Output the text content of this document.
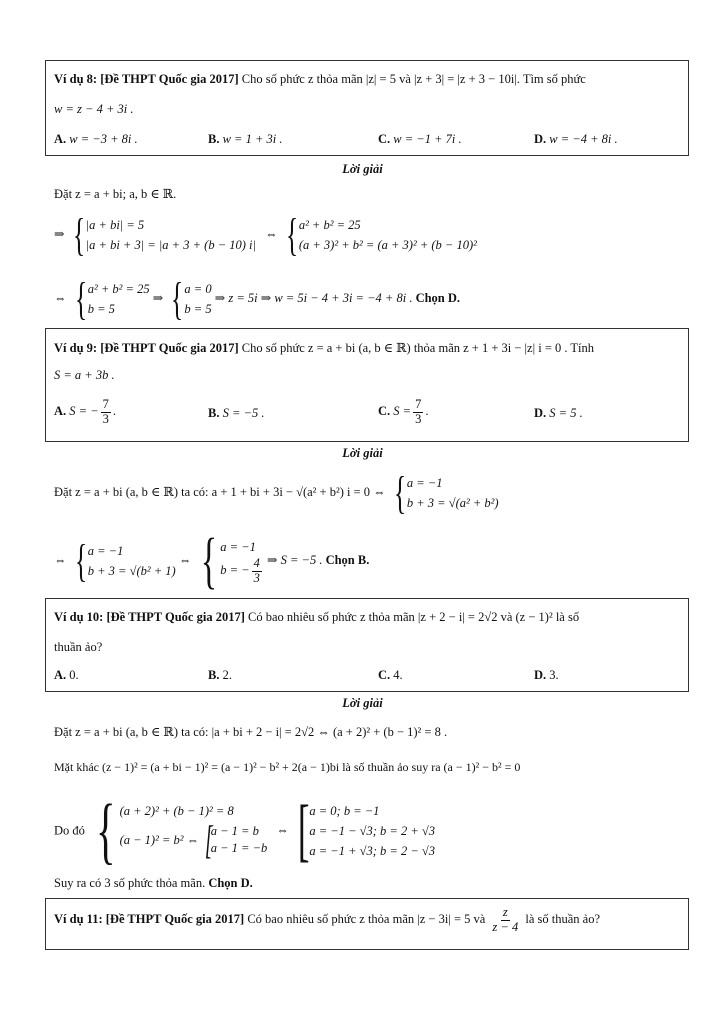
Ví dụ 8: [Đề THPT Quốc gia 2017] Cho số phức z thỏa mãn |z| = 5 và |z + 3| = |z + 3 − 10i|. Tìm số phức
w = z − 4 + 3i .
A. w = −3 + 8i .	B. w = 1 + 3i .	C. w = −1 + 7i .	D. w = −4 + 8i .
Lời giải
Đặt z = a + bi; a, b ∈ ℝ.
⇒ { |a + bi| = 5
|a + bi + 3| = |a + 3 + (b − 10) i|
⇔ { a² + b² = 25
(a + 3)² + b² = (a + 3)² + (b − 10)²
⇔ { a² + b² = 25
b = 5
⇒ { a = 0
b = 5
⇒ z = 5i ⇒ w = 5i − 4 + 3i = −4 + 8i . Chọn D.
Ví dụ 9: [Đề THPT Quốc gia 2017] Cho số phức z = a + bi (a, b ∈ ℝ) thỏa mãn z + 1 + 3i − |z| i = 0 . Tính
S = a + 3b .
A. S = − $\frac{7}{3}$ .	B. S = −5 .	C. $S = \frac{7}{3}$ .	D. S = 5 .
Lời giải
Đặt z = a + bi (a, b ∈ ℝ) ta có: a + 1 + bi + 3i − √(a² + b²) i = 0 ⇔ { a = −1
b + 3 = √(a² + b²)
⇔ { a = −1
b + 3 = √(b² + 1)
⇔ { a = −1
b = − $\frac{4}{3}$ ⇒ S = −5 . Chọn B.
Ví dụ 10: [Đề THPT Quốc gia 2017] Có bao nhiêu số phức z thỏa mãn |z + 2 − i| = 2√2 và (z − 1)² là số
thuần ảo?
A. 0.	B. 2.	C. 4.	D. 3.
Lời giải
Đặt z = a + bi (a, b ∈ ℝ) ta có: |a + bi + 2 − i| = 2√2 ⇔ (a + 2)² + (b − 1)² = 8 .
Mặt khác (z − 1)² = (a + bi − 1)² = (a − 1)² − b² + 2(a − 1)bi là số thuần ảo suy ra (a − 1)² − b² = 0
Do đó { (a + 2)² + (b − 1)² = 8
(a − 1)² = b² ⇔ [
a − 1 = b
a − 1 = −b
⇔ [ a = 0; b = −1
a = −1 − √3; b = 2 + √3
a = −1 + √3; b = 2 − √3
Suy ra có 3 số phức thỏa mãn. Chọn D.
Ví dụ 11: [Đề THPT Quốc gia 2017] Có bao nhiêu số phức z thỏa mãn |z − 3i| = 5 và $\frac{z}{z - 4}$ là số thuần ảo?
